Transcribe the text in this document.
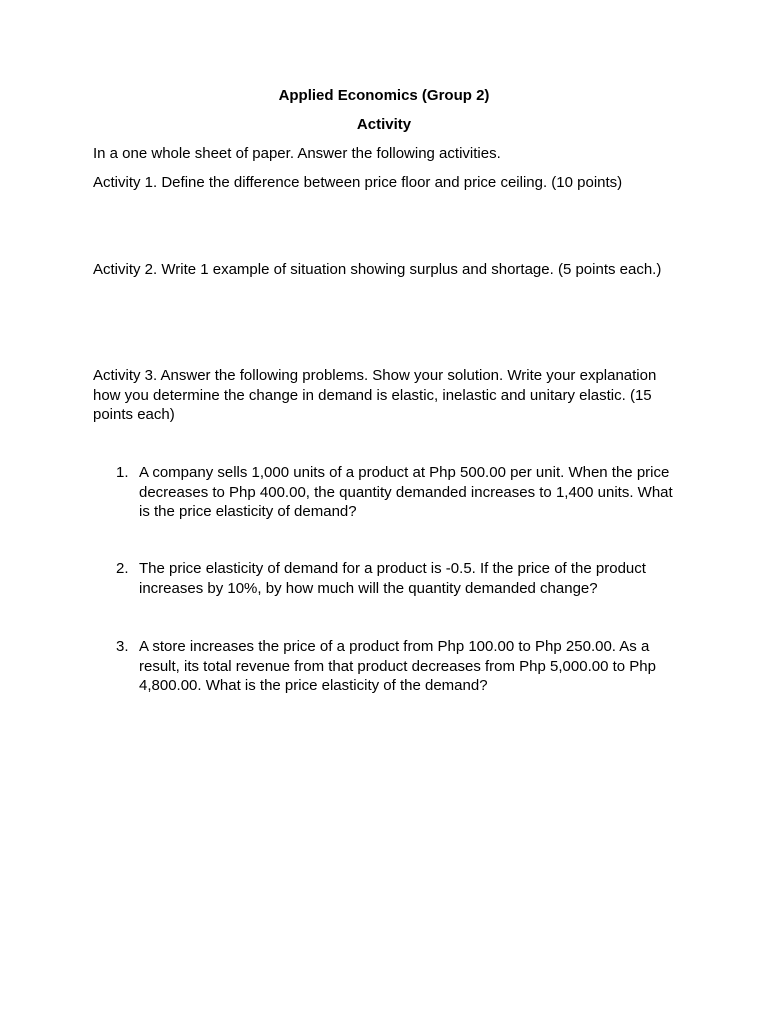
Applied Economics (Group 2)
Activity

In a one whole sheet of paper. Answer the following activities.

Activity 1. Define the difference between price floor and price ceiling. (10 points)

Activity 2. Write 1 example of situation showing surplus and shortage. (5 points each.)

Activity 3. Answer the following problems. Show your solution. Write your explanation how you determine the change in demand is elastic, inelastic and unitary elastic. (15 points each)

1. A company sells 1,000 units of a product at Php 500.00 per unit. When the price decreases to Php 400.00, the quantity demanded increases to 1,400 units. What is the price elasticity of demand?

2. The price elasticity of demand for a product is -0.5. If the price of the product increases by 10%, by how much will the quantity demanded change?

3. A store increases the price of a product from Php 100.00 to Php 250.00. As a result, its total revenue from that product decreases from Php 5,000.00 to Php 4,800.00. What is the price elasticity of the demand?
